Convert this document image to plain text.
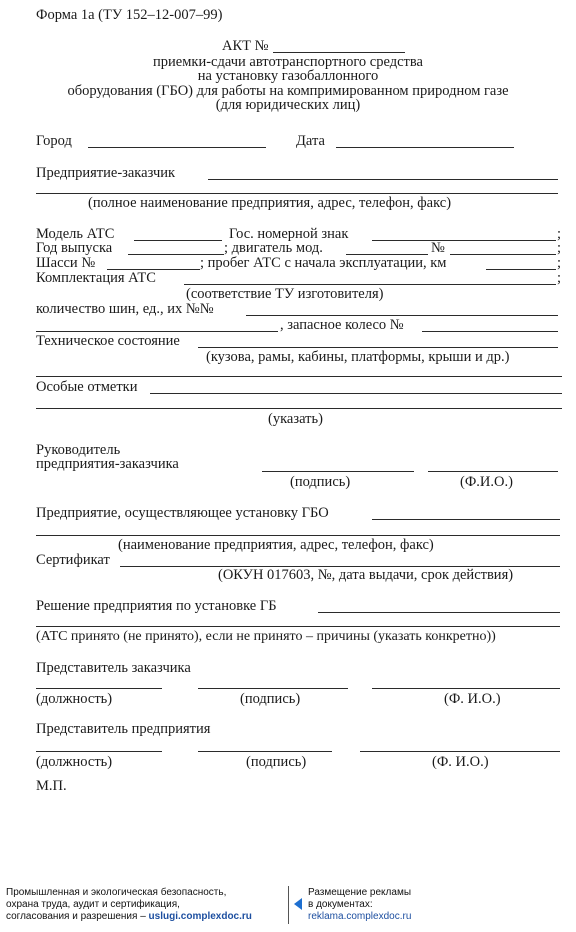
Форма 1а (ТУ 152–12-007–99)
АКТ №
приемки-сдачи автотранспортного средства
на установку газобаллонного
оборудования (ГБО) для работы на компримированном природном газе
(для юридических лиц)
Город	Дата
Предприятие-заказчик
(полное наименование предприятия, адрес, телефон, факс)
Модель АТС	Гос. номерной знак	;
Год выпуска	; двигатель мод.	№	;
Шасси №	; пробег АТС с начала эксплуатации, км	;
Комплектация АТС	;
(соответствие ТУ изготовителя)
количество шин, ед., их №№
, запасное колесо №
Техническое состояние
(кузова, рамы, кабины, платформы, крыши и др.)
Особые отметки
(указать)
Руководитель
предприятия-заказчика
(подпись)	(Ф.И.О.)
Предприятие, осуществляющее установку ГБО
(наименование предприятия, адрес, телефон, факс)
Сертификат
(ОКУН 017603, №, дата выдачи, срок действия)
Решение предприятия по установке ГБ
(АТС принято (не принято), если не принято – причины (указать конкретно))
Представитель заказчика
(должность)	(подпись)	(Ф. И.О.)
Представитель предприятия
(должность)	(подпись)	(Ф. И.О.)
М.П.
Промышленная и экологическая безопасность,
охрана труда, аудит и сертификация,
согласования и разрешения – uslugi.complexdoc.ru
Размещение рекламы
в документах:
reklama.complexdoc.ru
